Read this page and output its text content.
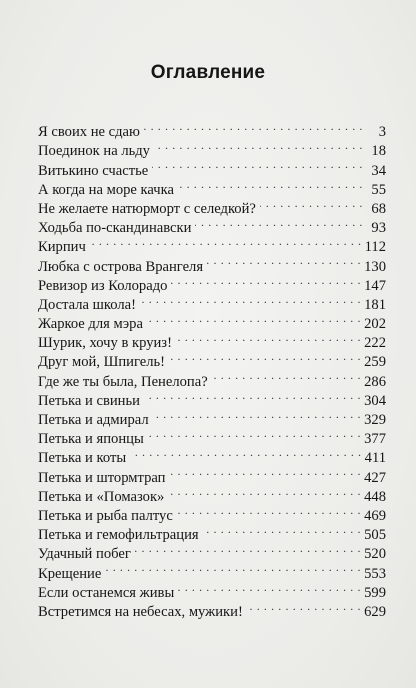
Оглавление
Я своих не сдаю . . .	3
Поединок на льду . . .	18
Витькино счастье . . .	34
А когда на море качка . . .	55
Не желаете натюрморт с селедкой? . . .	68
Ходьба по-скандинавски . . .	93
Кирпич . . .	112
Любка с острова Врангеля . . .	130
Ревизор из Колорадо . . .	147
Достала школа! . . .	181
Жаркое для мэра . . .	202
Шурик, хочу в круиз! . . .	222
Друг мой, Шпигель! . . .	259
Где же ты была, Пенелопа? . . .	286
Петька и свиньи . . .	304
Петька и адмирал . . .	329
Петька и японцы . . .	377
Петька и коты . . .	411
Петька и штормтрап . . .	427
Петька и «Помазок» . . .	448
Петька и рыба палтус . . .	469
Петька и гемофильтрация . . .	505
Удачный побег . . .	520
Крещение . . .	553
Если останемся живы . . .	599
Встретимся на небесах, мужики! . . .	629
